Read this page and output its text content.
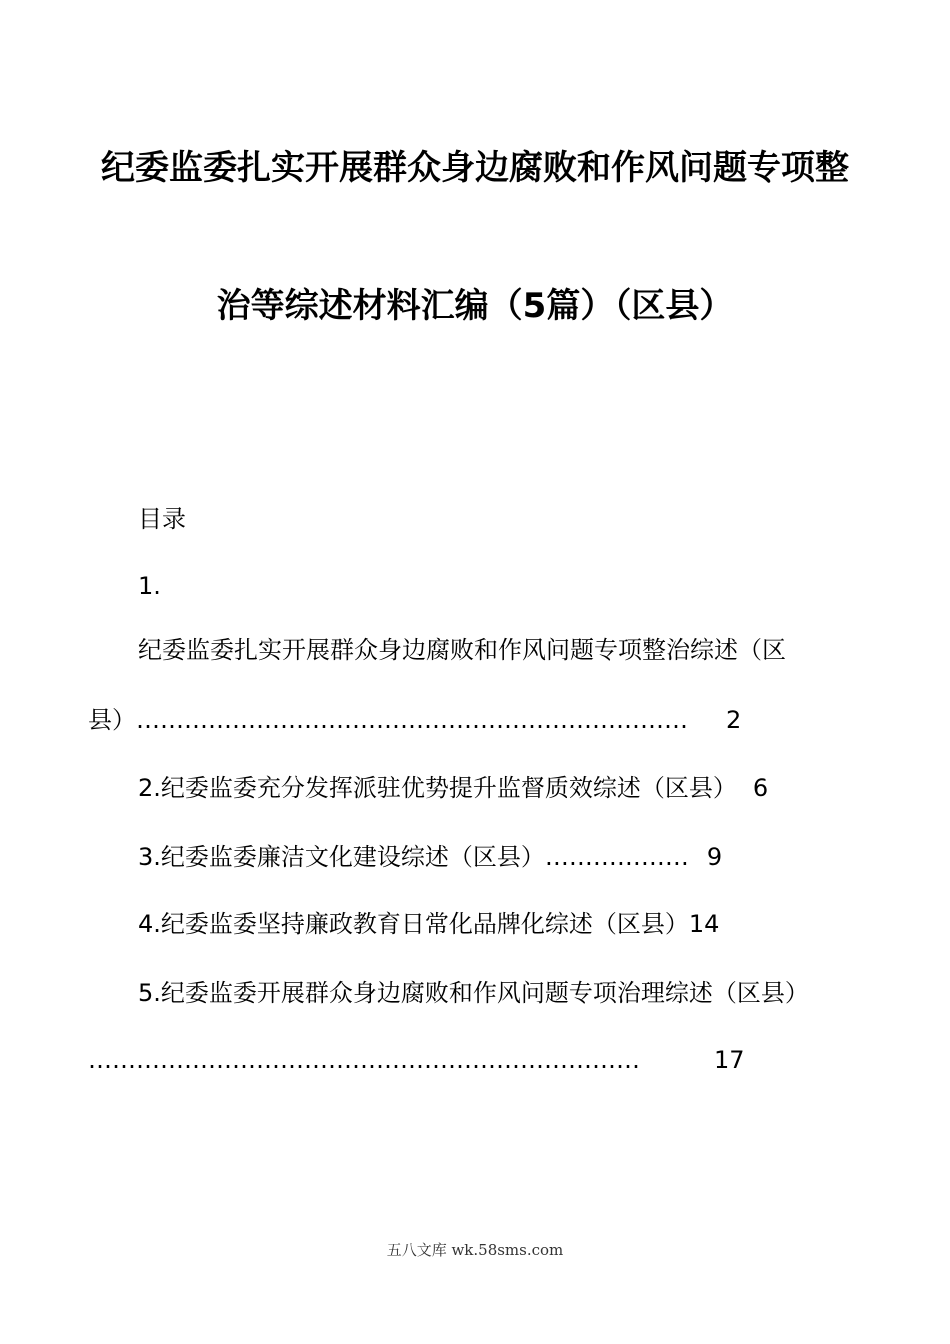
纪委监委扎实开展群众身边腐败和作风问题专项整
治等综述材料汇编（5篇）（区县）
目录
1.
纪委监委扎实开展群众身边腐败和作风问题专项整治综述（区
县）…………………………………………………………… 2
2.纪委监委充分发挥派驻优势提升监督质效综述（区县） 6
3.纪委监委廉洁文化建设综述（区县）……………… 9
4.纪委监委坚持廉政教育日常化品牌化综述（区县）14
5.纪委监委开展群众身边腐败和作风问题专项治理综述（区县）
……………………………………………………………	17
五八文库 wk.58sms.com
